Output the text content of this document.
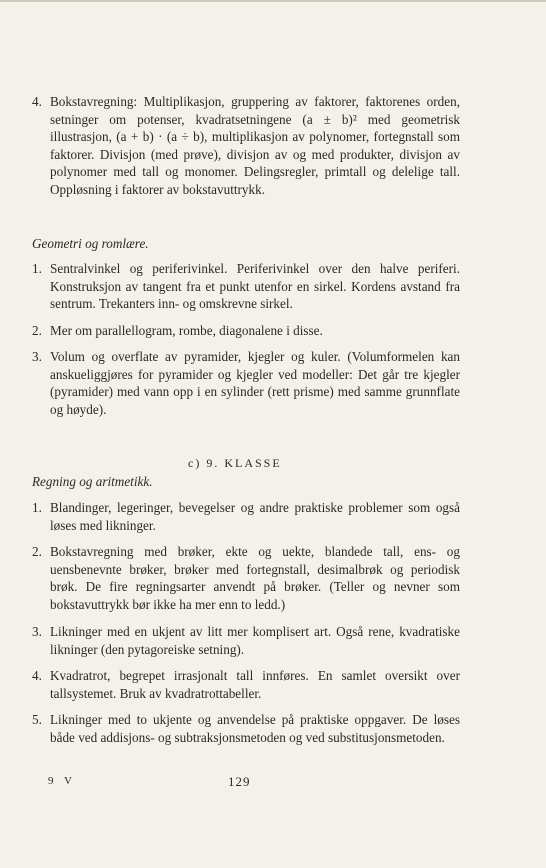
4. Bokstavregning: Multiplikasjon, gruppering av faktorer, faktorenes orden, setninger om potenser, kvadratsetningene (a ± b)² med geometrisk illustrasjon, (a + b) · (a ÷ b), multiplikasjon av polynomer, fortegnstall som faktorer. Divisjon (med prøve), divisjon av og med produkter, divisjon av polynomer med tall og monomer. Delingsregler, primtall og delelige tall. Oppløsning i faktorer av bokstavuttrykk.
Geometri og romlære.
1. Sentralvinkel og periferivinkel. Periferivinkel over den halve periferi. Konstruksjon av tangent fra et punkt utenfor en sirkel. Kordens avstand fra sentrum. Trekanters inn- og omskrevne sirkel.
2. Mer om parallellogram, rombe, diagonalene i disse.
3. Volum og overflate av pyramider, kjegler og kuler. (Volumformelen kan anskueliggjøres for pyramider og kjegler ved modeller: Det går tre kjegler (pyramider) med vann opp i en sylinder (rett prisme) med samme grunnflate og høyde).
c) 9. KLASSE
Regning og aritmetikk.
1. Blandinger, legeringer, bevegelser og andre praktiske problemer som også løses med likninger.
2. Bokstavregning med brøker, ekte og uekte, blandede tall, ens- og uensbenevnte brøker, brøker med fortegnstall, desimalbrøk og periodisk brøk. De fire regningsarter anvendt på brøker. (Teller og nevner som bokstavuttrykk bør ikke ha mer enn to ledd.)
3. Likninger med en ukjent av litt mer komplisert art. Også rene, kvadratiske likninger (den pytagoreiske setning).
4. Kvadratrot, begrepet irrasjonalt tall innføres. En samlet oversikt over tallsystemet. Bruk av kvadratrottabeller.
5. Likninger med to ukjente og anvendelse på praktiske oppgaver. De løses både ved addisjons- og subtraksjonsmetoden og ved substitusjonsmetoden.
9 V	129
